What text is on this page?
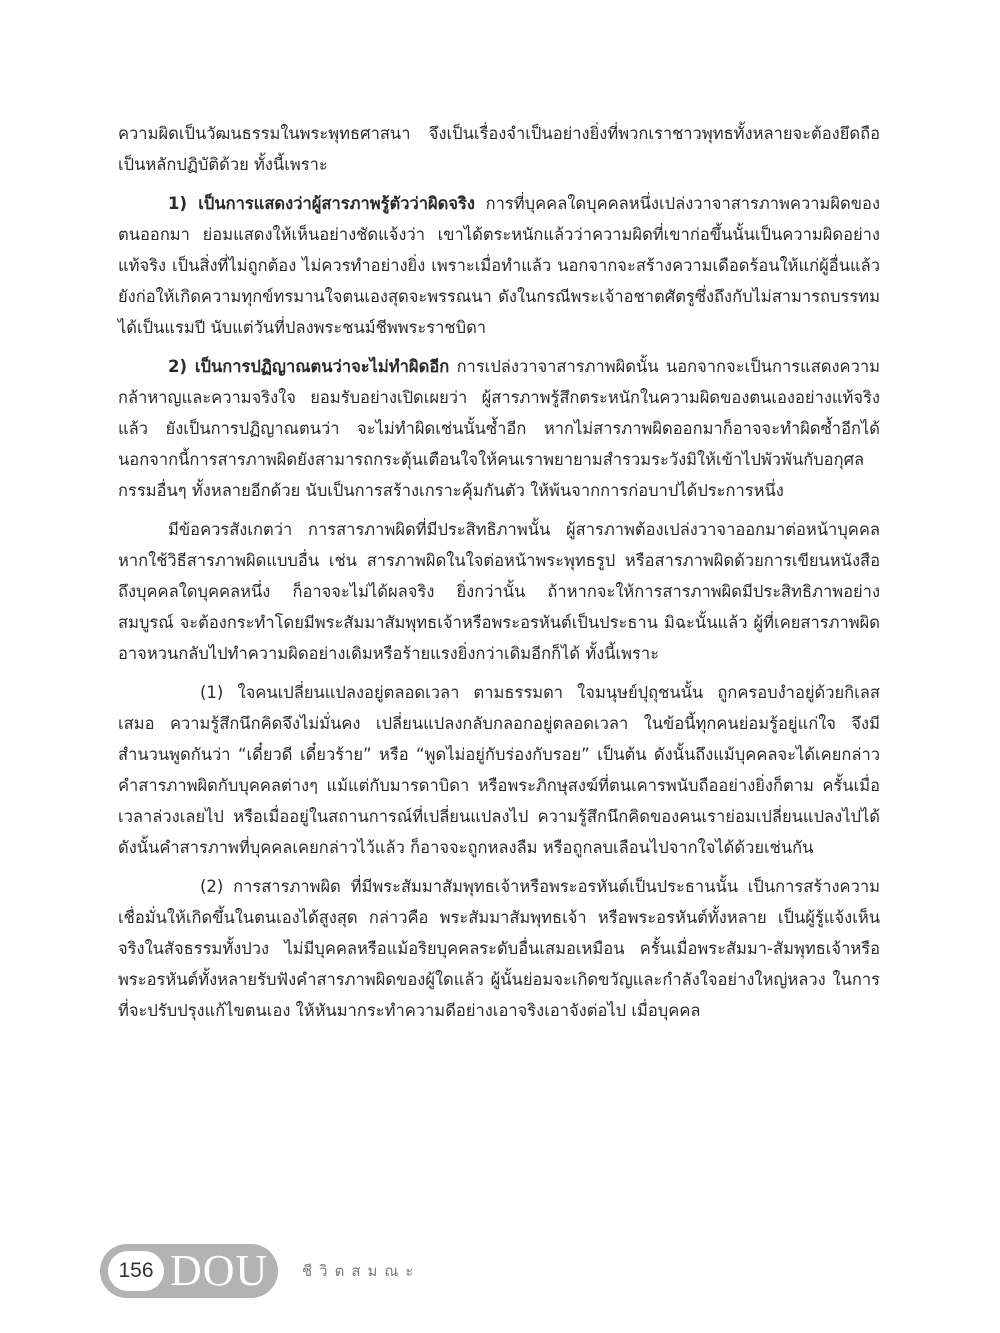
ความผิดเป็นวัฒนธรรมในพระพุทธศาสนา จึงเป็นเรื่องจำเป็นอย่างยิ่งที่พวกเราชาวพุทธทั้งหลายจะต้องยึดถือเป็นหลักปฏิบัติด้วย ทั้งนี้เพราะ

1) เป็นการแสดงว่าผู้สารภาพรู้ตัวว่าผิดจริง การที่บุคคลใดบุคคลหนึ่งเปล่งวาจาสารภาพความผิดของตนออกมา ย่อมแสดงให้เห็นอย่างชัดแจ้งว่า เขาได้ตระหนักแล้วว่าความผิดที่เขาก่อขึ้นนั้นเป็นความผิดอย่างแท้จริง เป็นสิ่งที่ไม่ถูกต้อง ไม่ควรทำอย่างยิ่ง เพราะเมื่อทำแล้ว นอกจากจะสร้างความเดือดร้อนให้แก่ผู้อื่นแล้ว ยังก่อให้เกิดความทุกข์ทรมานใจตนเองสุดจะพรรณนา ดังในกรณีพระเจ้าอชาตศัตรูซึ่งถึงกับไม่สามารถบรรทมได้เป็นแรมปี นับแต่วันที่ปลงพระชนม์ชีพพระราชบิดา

2) เป็นการปฏิญาณตนว่าจะไม่ทำผิดอีก การเปล่งวาจาสารภาพผิดนั้น นอกจากจะเป็นการแสดงความกล้าหาญและความจริงใจ ยอมรับอย่างเปิดเผยว่า ผู้สารภาพรู้สึกตระหนักในความผิดของตนเองอย่างแท้จริงแล้ว ยังเป็นการปฏิญาณตนว่า จะไม่ทำผิดเช่นนั้นซ้ำอีก หากไม่สารภาพผิดออกมาก็อาจจะทำผิดซ้ำอีกได้ นอกจากนี้การสารภาพผิดยังสามารถกระตุ้นเตือนใจให้คนเราพยายามสำรวมระวังมิให้เข้าไปพัวพันกับอกุศลกรรมอื่นๆ ทั้งหลายอีกด้วย นับเป็นการสร้างเกราะคุ้มกันตัว ให้พ้นจากการก่อบาปได้ประการหนึ่ง

มีข้อควรสังเกตว่า การสารภาพผิดที่มีประสิทธิภาพนั้น ผู้สารภาพต้องเปล่งวาจาออกมาต่อหน้าบุคคล หากใช้วิธีสารภาพผิดแบบอื่น เช่น สารภาพผิดในใจต่อหน้าพระพุทธรูป หรือสารภาพผิดด้วยการเขียนหนังสือถึงบุคคลใดบุคคลหนึ่ง ก็อาจจะไม่ได้ผลจริง ยิ่งกว่านั้น ถ้าหากจะให้การสารภาพผิดมีประสิทธิภาพอย่างสมบูรณ์ จะต้องกระทำโดยมีพระสัมมาสัมพุทธเจ้าหรือพระอรหันต์เป็นประธาน มิฉะนั้นแล้ว ผู้ที่เคยสารภาพผิด อาจหวนกลับไปทำความผิดอย่างเดิมหรือร้ายแรงยิ่งกว่าเดิมอีกก็ได้ ทั้งนี้เพราะ

(1) ใจคนเปลี่ยนแปลงอยู่ตลอดเวลา ตามธรรมดา ใจมนุษย์ปุถุชนนั้น ถูกครอบงำอยู่ด้วยกิเลสเสมอ ความรู้สึกนึกคิดจึงไม่มั่นคง เปลี่ยนแปลงกลับกลอกอยู่ตลอดเวลา ในข้อนี้ทุกคนย่อมรู้อยู่แก่ใจ จึงมีสำนวนพูดกันว่า “เดี๋ยวดี เดี๋ยวร้าย” หรือ “พูดไม่อยู่กับร่องกับรอย” เป็นต้น ดังนั้นถึงแม้บุคคลจะได้เคยกล่าวคำสารภาพผิดกับบุคคลต่างๆ แม้แต่กับมารดาบิดา หรือพระภิกษุสงฆ์ที่ตนเคารพนับถืออย่างยิ่งก็ตาม ครั้นเมื่อเวลาล่วงเลยไป หรือเมื่ออยู่ในสถานการณ์ที่เปลี่ยนแปลงไป ความรู้สึกนึกคิดของคนเราย่อมเปลี่ยนแปลงไปได้ ดังนั้นคำสารภาพที่บุคคลเคยกล่าวไว้แล้ว ก็อาจจะถูกหลงลืม หรือถูกลบเลือนไปจากใจได้ด้วยเช่นกัน

(2) การสารภาพผิด ที่มีพระสัมมาสัมพุทธเจ้าหรือพระอรหันต์เป็นประธานนั้น เป็นการสร้างความเชื่อมั่นให้เกิดขึ้นในตนเองได้สูงสุด กล่าวคือ พระสัมมาสัมพุทธเจ้า หรือพระอรหันต์ทั้งหลาย เป็นผู้รู้แจ้งเห็นจริงในสัจธรรมทั้งปวง ไม่มีบุคคลหรือแม้อริยบุคคลระดับอื่นเสมอเหมือน ครั้นเมื่อพระสัมมา-สัมพุทธเจ้าหรือพระอรหันต์ทั้งหลายรับฟังคำสารภาพผิดของผู้ใดแล้ว ผู้นั้นย่อมจะเกิดขวัญและกำลังใจอย่างใหญ่หลวง ในการที่จะปรับปรุงแก้ไขตนเอง ให้หันมากระทำความดีอย่างเอาจริงเอาจังต่อไป เมื่อบุคคล

156 DOU ชีวิตสมณะ
